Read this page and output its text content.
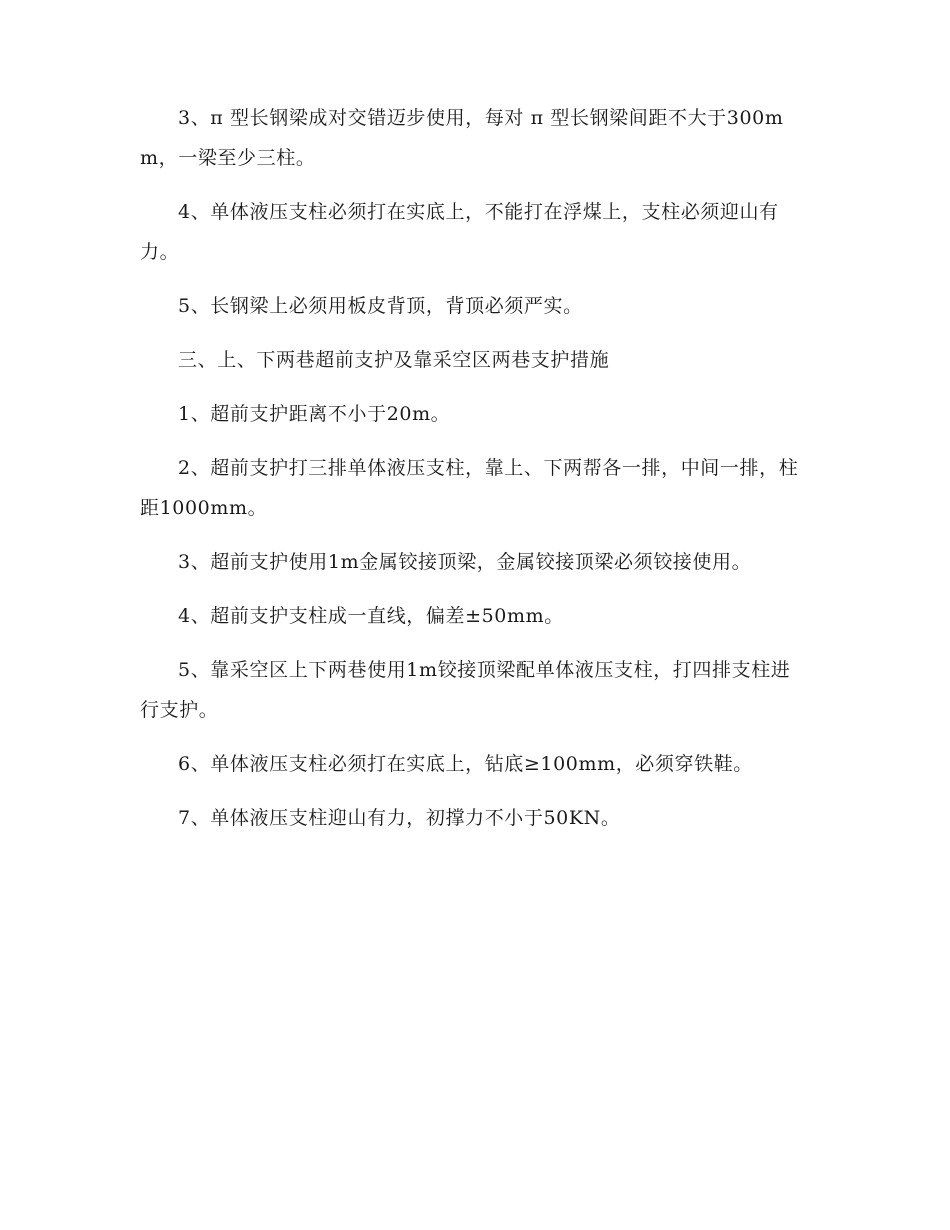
3、π 型长钢梁成对交错迈步使用，每对 π 型长钢梁间距不大于300mm，一梁至少三柱。

4、单体液压支柱必须打在实底上，不能打在浮煤上，支柱必须迎山有力。

5、长钢梁上必须用板皮背顶，背顶必须严实。

三、上、下两巷超前支护及靠采空区两巷支护措施

1、超前支护距离不小于20m。

2、超前支护打三排单体液压支柱，靠上、下两帮各一排，中间一排，柱距1000mm。

3、超前支护使用1m金属铰接顶梁，金属铰接顶梁必须铰接使用。

4、超前支护支柱成一直线，偏差±50mm。

5、靠采空区上下两巷使用1m铰接顶梁配单体液压支柱，打四排支柱进行支护。

6、单体液压支柱必须打在实底上，钻底≥100mm，必须穿铁鞋。

7、单体液压支柱迎山有力，初撑力不小于50KN。
